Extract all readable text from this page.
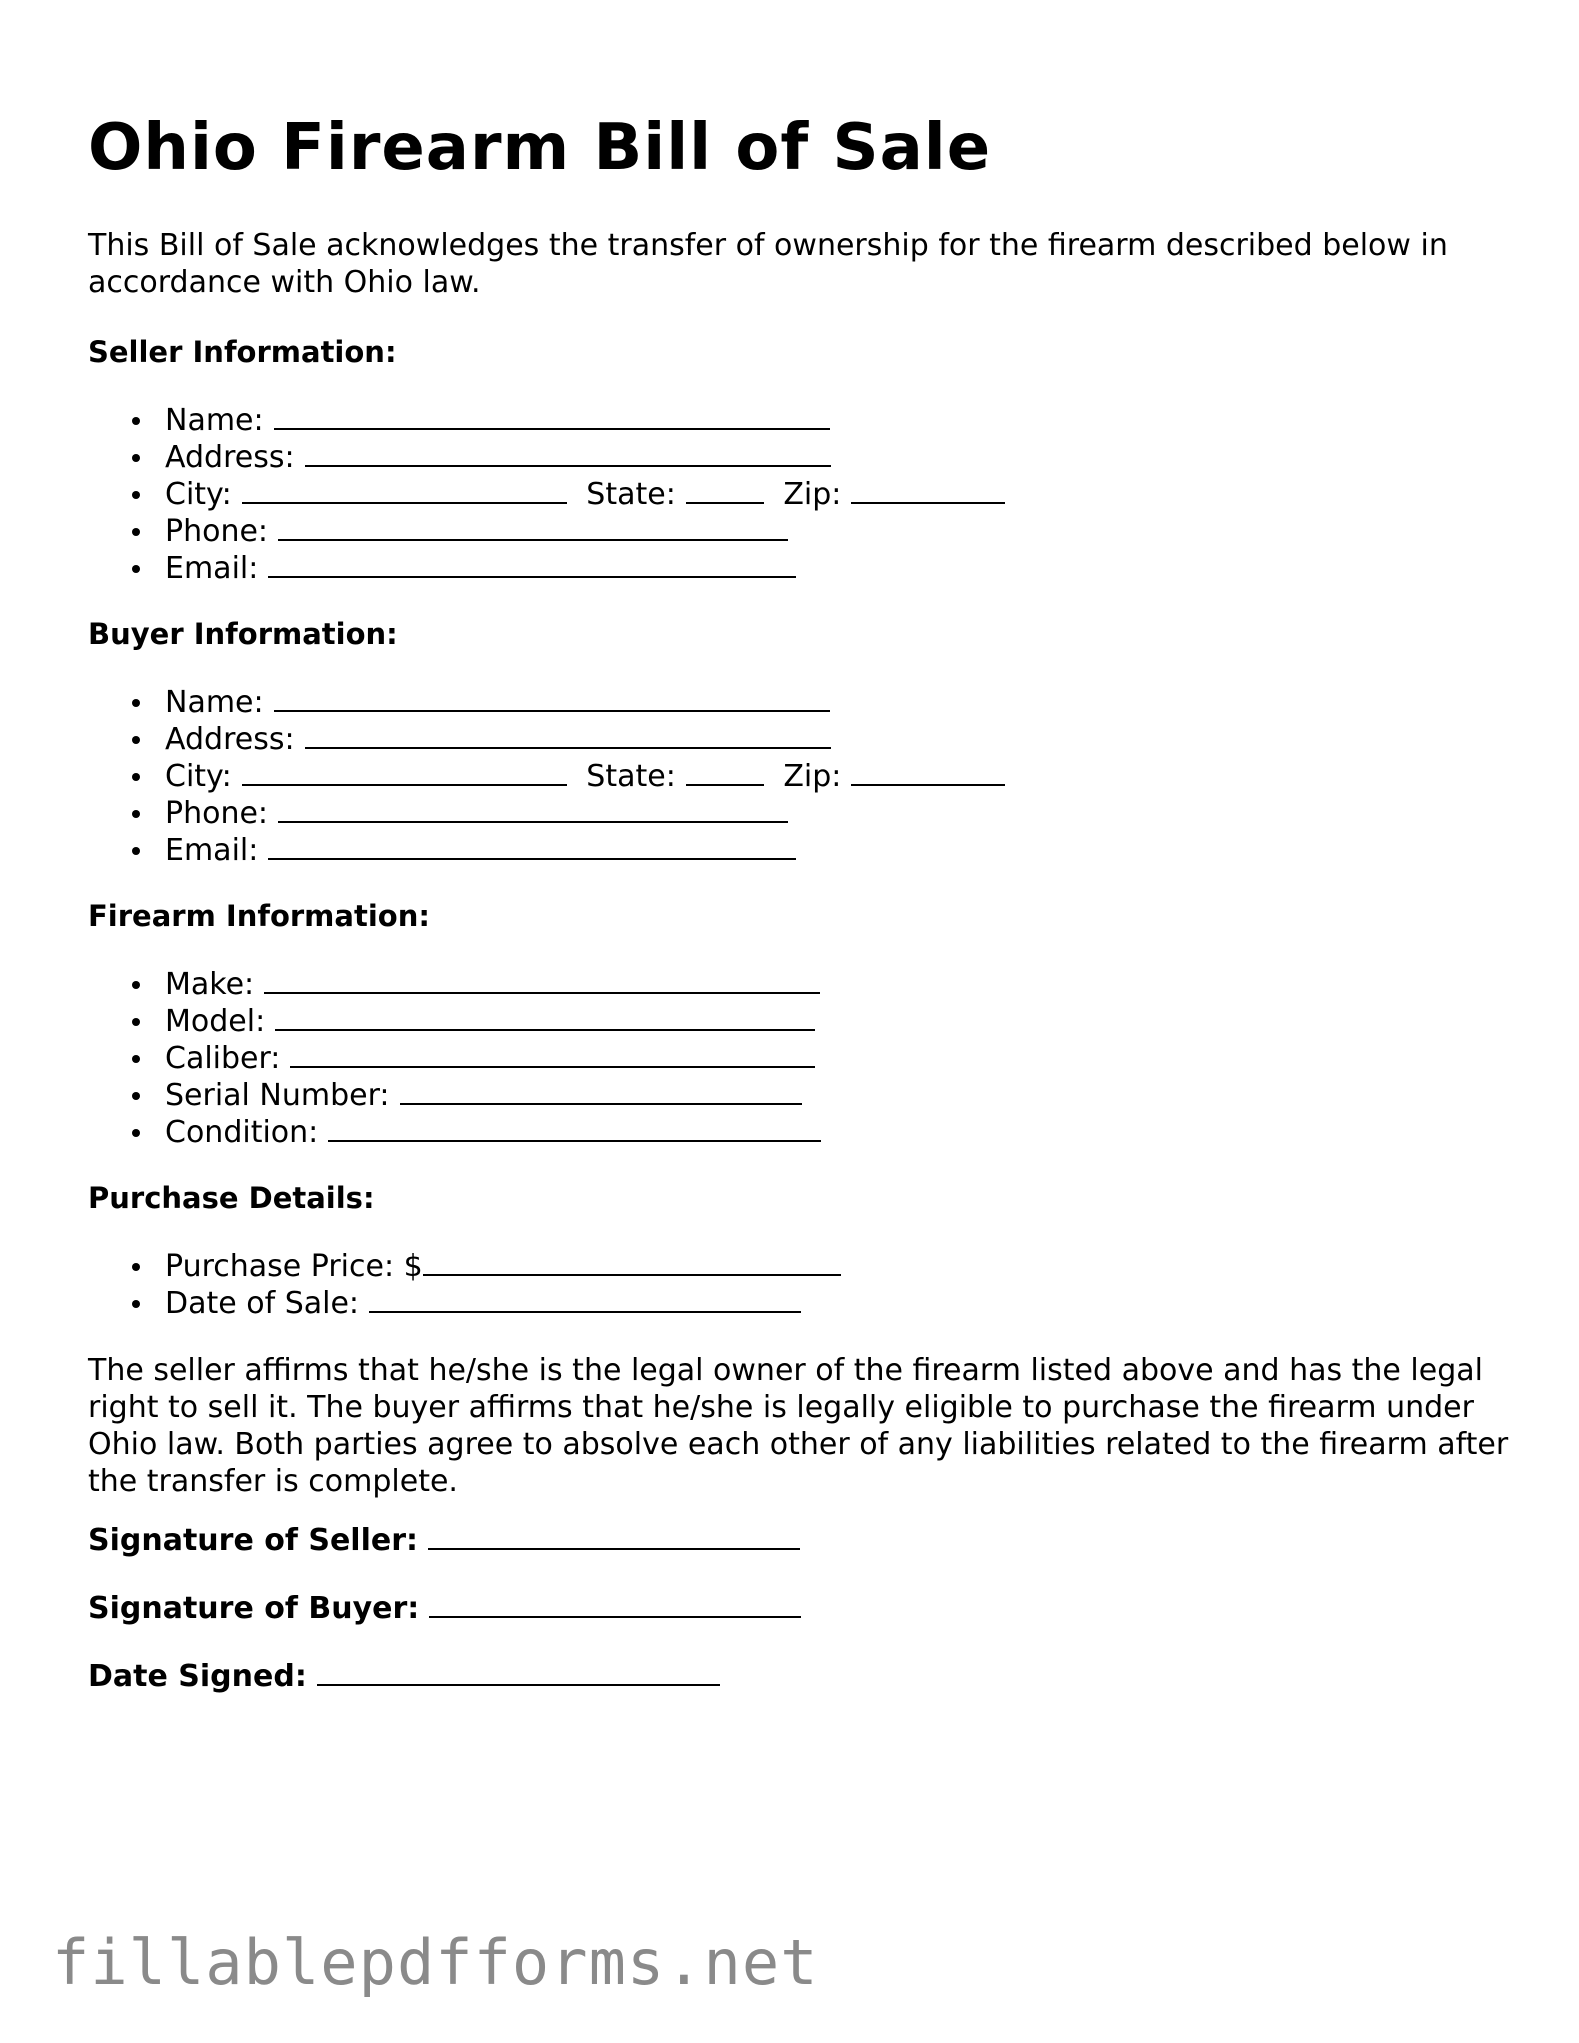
Ohio Firearm Bill of Sale

This Bill of Sale acknowledges the transfer of ownership for the firearm described below in accordance with Ohio law.

Seller Information:
Name:
Address:
City:	State:	Zip:
Phone:
Email:
Buyer Information:
Name:
Address:
City:	State:	Zip:
Phone:
Email:
Firearm Information:
Make:
Model:
Caliber:
Serial Number:
Condition:
Purchase Details:
Purchase Price: $
Date of Sale:

The seller affirms that he/she is the legal owner of the firearm listed above and has the legal right to sell it. The buyer affirms that he/she is legally eligible to purchase the firearm under Ohio law. Both parties agree to absolve each other of any liabilities related to the firearm after the transfer is complete.

Signature of Seller:
Signature of Buyer:
Date Signed:

fillablepdfforms.net
